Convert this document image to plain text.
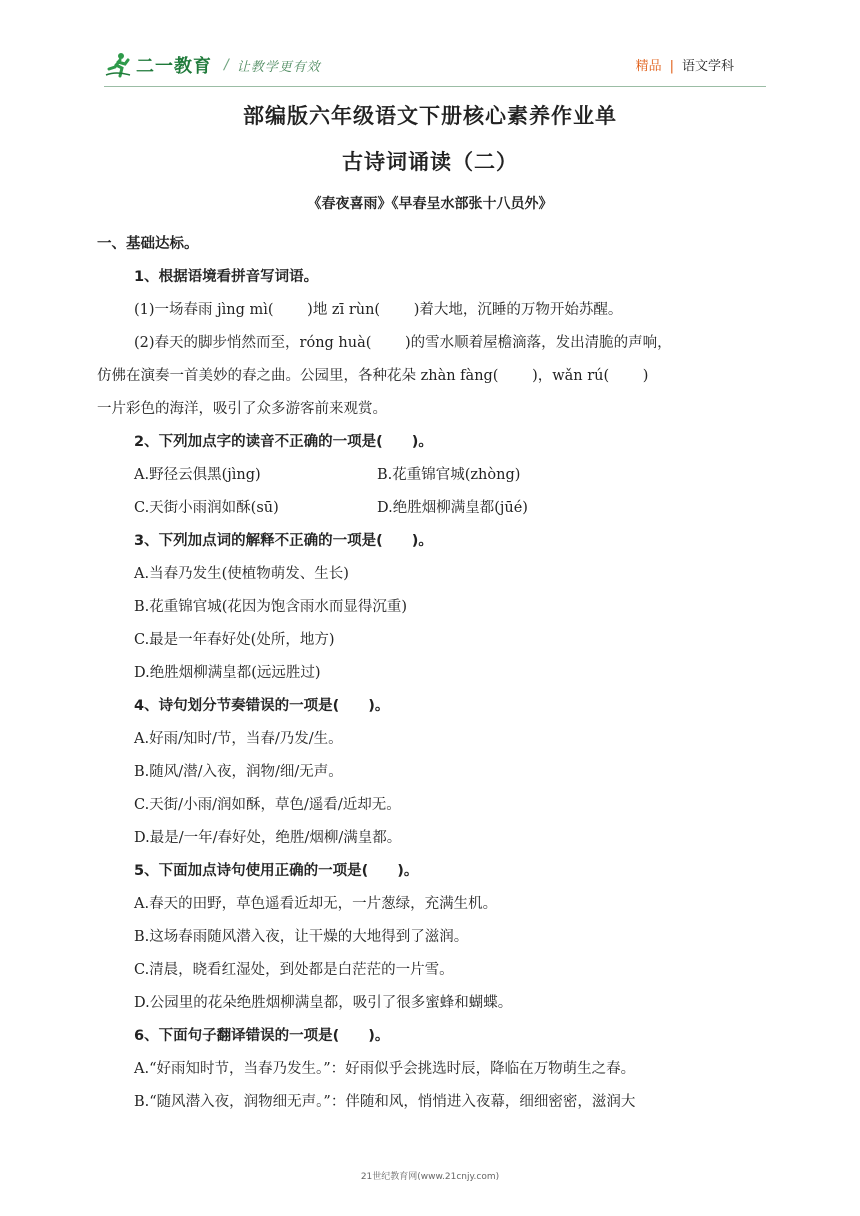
二一教育 / 让教学更有效	精品 | 语文学科
部编版六年级语文下册核心素养作业单
古诗词诵读（二）
《春夜喜雨》《早春呈水部张十八员外》
一、基础达标。
1、根据语境看拼音写词语。
(1)一场春雨 jìng mì(　　 )地 zī rùn(　　 )着大地，沉睡的万物开始苏醒。
(2)春天的脚步悄然而至，róng huà(　　 )的雪水顺着屋檐滴落，发出清脆的声响，
仿佛在演奏一首美妙的春之曲。公园里，各种花朵 zhàn fàng(　　 )，wǎn rú(　　 )
一片彩色的海洋，吸引了众多游客前来观赏。
2、下列加点字的读音不正确的一项是(　　)。
A.野径云俱黑(jìng)	B.花重锦官城(zhòng)
C.天街小雨润如酥(sū)	D.绝胜烟柳满皇都(jūé)
3、下列加点词的解释不正确的一项是(　　)。
A.当春乃发生(使植物萌发、生长)
B.花重锦官城(花因为饱含雨水而显得沉重)
C.最是一年春好处(处所，地方)
D.绝胜烟柳满皇都(远远胜过)
4、诗句划分节奏错误的一项是(　　)。
A.好雨/知时/节，当春/乃发/生。
B.随风/潜/入夜，润物/细/无声。
C.天街/小雨/润如酥，草色/遥看/近却无。
D.最是/一年/春好处，绝胜/烟柳/满皇都。
5、下面加点诗句使用正确的一项是(　　)。
A.春天的田野，草色遥看近却无，一片葱绿，充满生机。
B.这场春雨随风潜入夜，让干燥的大地得到了滋润。
C.清晨，晓看红湿处，到处都是白茫茫的一片雪。
D.公园里的花朵绝胜烟柳满皇都，吸引了很多蜜蜂和蝴蝶。
6、下面句子翻译错误的一项是(　　)。
A.“好雨知时节，当春乃发生。”：好雨似乎会挑选时辰，降临在万物萌生之春。
B.“随风潜入夜，润物细无声。”：伴随和风，悄悄进入夜幕，细细密密，滋润大
21世纪教育网(www.21cnjy.com)
